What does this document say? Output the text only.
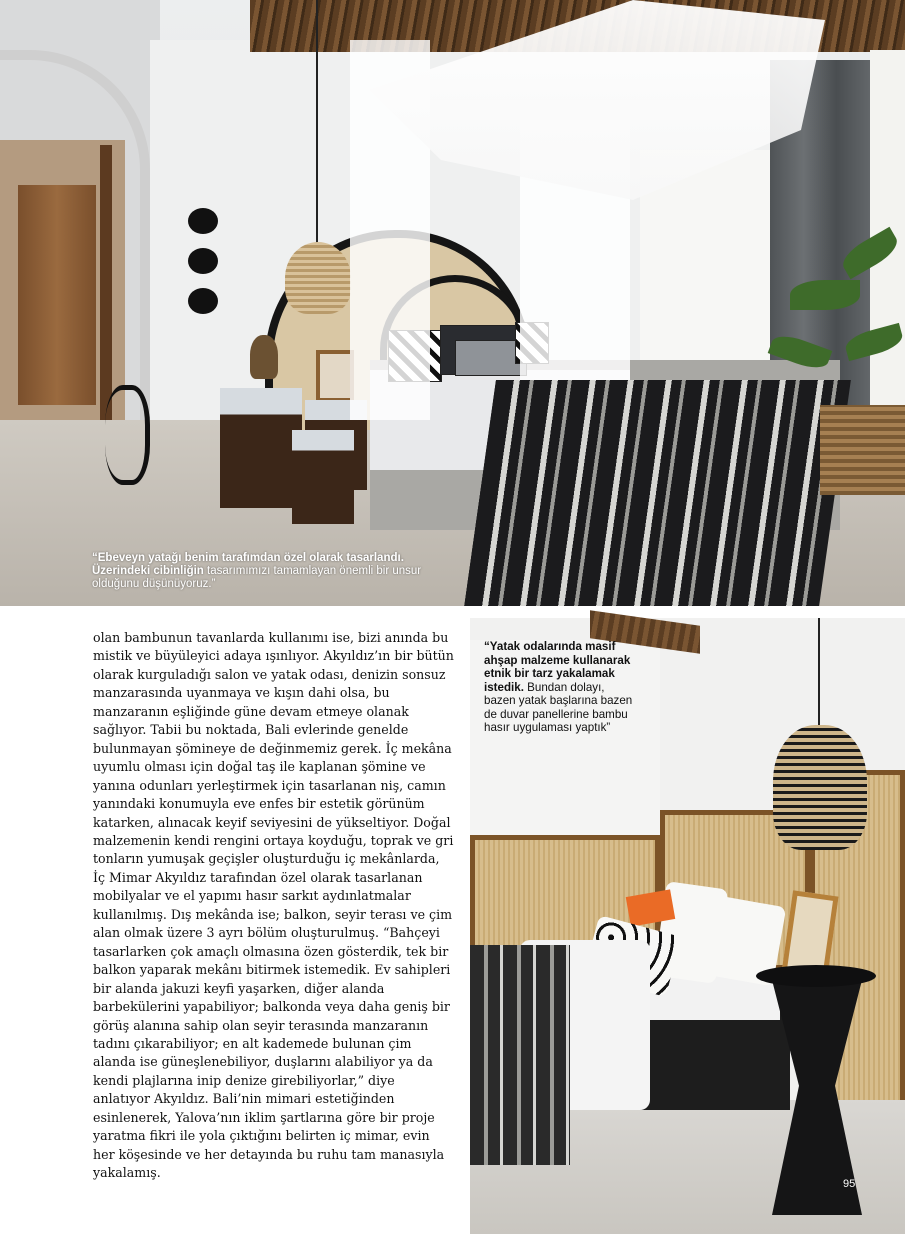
“Ebeveyn yatağı benim tarafımdan özel olarak tasarlandı. Üzerindeki cibinliğin tasarımımızı tamamlayan önemli bir unsur olduğunu düşünüyoruz.”

olan bambunun tavanlarda kullanımı ise, bizi anında bu mistik ve büyüleyici adaya ışınlıyor. Akyıldız’ın bir bütün olarak kurguladığı salon ve yatak odası, denizin sonsuz manzarasında uyanmaya ve kışın dahi olsa, bu manzaranın eşliğinde güne devam etmeye olanak sağlıyor. Tabii bu noktada, Bali evlerinde genelde bulunmayan şömineye de değinmemiz gerek. İç mekâna uyumlu olması için doğal taş ile kaplanan şömine ve yanına odunları yerleştirmek için tasarlanan niş, camın yanındaki konumuyla eve enfes bir estetik görünüm katarken, alınacak keyif seviyesini de yükseltiyor. Doğal malzemenin kendi rengini ortaya koyduğu, toprak ve gri tonların yumuşak geçişler oluşturduğu iç mekânlarda, İç Mimar Akyıldız tarafından özel olarak tasarlanan mobilyalar ve el yapımı hasır sarkıt aydınlatmalar kullanılmış. Dış mekânda ise; balkon, seyir terası ve çim alan olmak üzere 3 ayrı bölüm oluşturulmuş. “Bahçeyi tasarlarken çok amaçlı olmasına özen gösterdik, tek bir balkon yaparak mekânı bitirmek istemedik. Ev sahipleri bir alanda jakuzi keyfi yaşarken, diğer alanda barbekülerini yapabiliyor; balkonda veya daha geniş bir görüş alanına sahip olan seyir terasında manzaranın tadını çıkarabiliyor; en alt kademede bulunan çim alanda ise güneşlenebiliyor, duşlarını alabiliyor ya da kendi plajlarına inip denize girebiliyorlar,” diye anlatıyor Akyıldız. Bali’nin mimari estetiğinden esinlenerek, Yalova’nın iklim şartlarına göre bir proje yaratma fikri ile yola çıktığını belirten iç mimar, evin her köşesinde ve her detayında bu ruhu tam manasıyla yakalamış.

“Yatak odalarında masif ahşap malzeme kullanarak etnik bir tarz yakalamak istedik. Bundan dolayı, bazen yatak başlarına bazen de duvar panellerine bambu hasır uygulaması yaptık”
95
